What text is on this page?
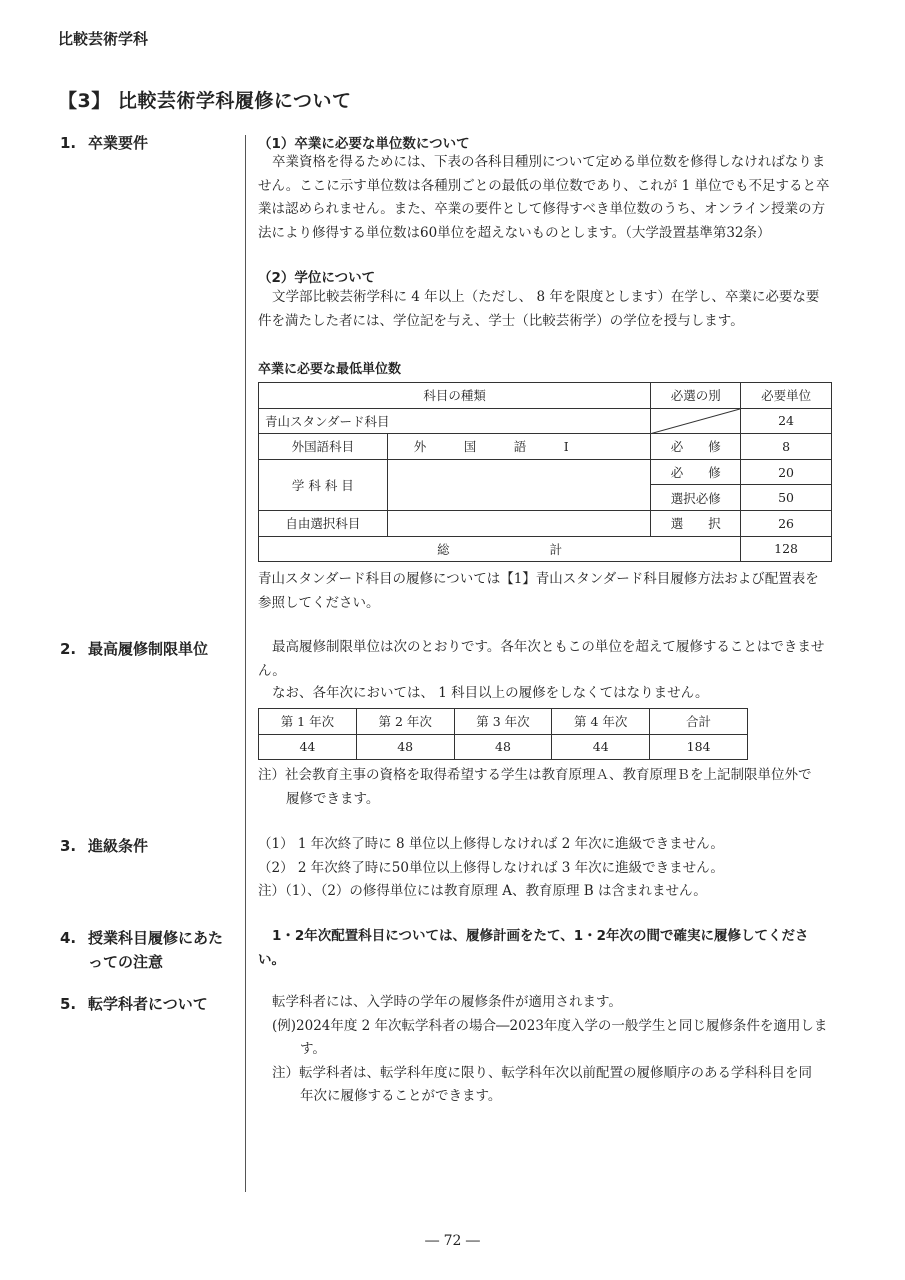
比較芸術学科
【3】 比較芸術学科履修について
1. 卒業要件
2. 最高履修制限単位
3. 進級条件
4. 授業科目履修にあた
っての注意
5. 転学科者について
（1）卒業に必要な単位数について
卒業資格を得るためには、下表の各科目種別について定める単位数を修得しなければなりません。ここに示す単位数は各種別ごとの最低の単位数であり、これが 1 単位でも不足すると卒業は認められません。また、卒業の要件として修得すべき単位数のうち、オンライン授業の方法により修得する単位数は60単位を超えないものとします。（大学設置基準第32条）
（2）学位について
文学部比較芸術学科に 4 年以上（ただし、 8 年を限度とします）在学し、卒業に必要な要件を満たした者には、学位記を与え、学士（比較芸術学）の学位を授与します。
卒業に必要な最低単位数
科目の種類		必選の別	必要単位
青山スタンダード科目			24
外国語科目	外　　　国　　　語　　　I	必　　修	8
学 科 科 目		必　　修	20
		選択必修	50
自由選択科目		選　　択	26
総　　　　　　　　計			128
青山スタンダード科目の履修については【1】青山スタンダード科目履修方法および配置表を参照してください。
最高履修制限単位は次のとおりです。各年次ともこの単位を超えて履修することはできません。
なお、各年次においては、 1 科目以上の履修をしなくてはなりません。
第 1 年次	第 2 年次	第 3 年次	第 4 年次	合計
44	48	48	44	184

注）社会教育主事の資格を取得希望する学生は教育原理Ａ、教育原理Ｂを上記制限単位外で

履修できます。

（1） 1 年次終了時に 8 単位以上修得しなければ 2 年次に進級できません。

（2） 2 年次終了時に50単位以上修得しなければ 3 年次に進級できません。

注）（1）、（2）の修得単位には教育原理 A、教育原理 B は含まれません。

1・2年次配置科目については、履修計画をたて、1・2年次の間で確実に履修してください。

転学科者には、入学時の学年の履修条件が適用されます。

(例)2024年度 2 年次転学科者の場合―2023年度入学の一般学生と同じ履修条件を適用しま

す。

注）転学科者は、転学科年度に限り、転学科年次以前配置の履修順序のある学科科目を同

年次に履修することができます。

― 72 ―
